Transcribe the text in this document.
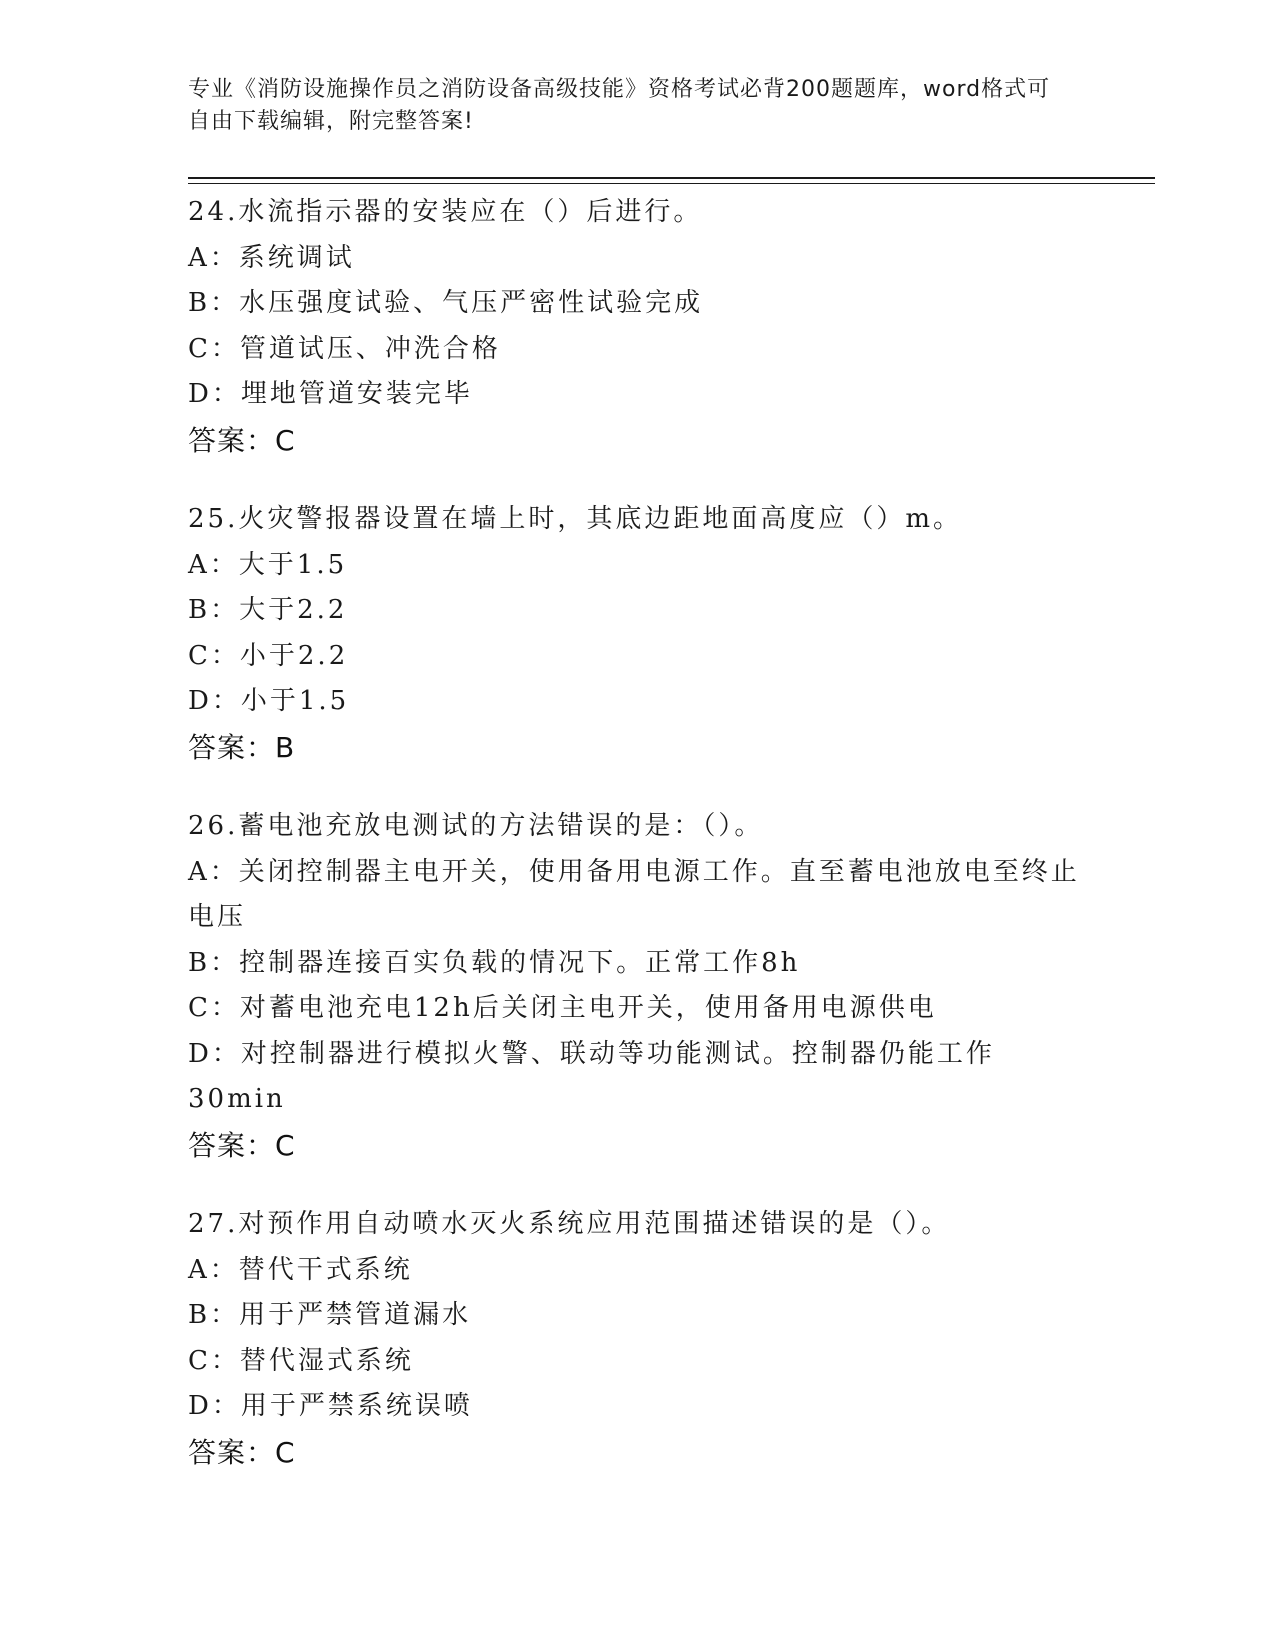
专业《消防设施操作员之消防设备高级技能》资格考试必背200题题库，word格式可自由下载编辑，附完整答案!
24.水流指示器的安装应在（）后进行。
A：系统调试
B：水压强度试验、气压严密性试验完成
C：管道试压、冲洗合格
D：埋地管道安装完毕
答案：C
25.火灾警报器设置在墙上时，其底边距地面高度应（）m。
A：大于1.5
B：大于2.2
C：小于2.2
D：小于1.5
答案：B
26.蓄电池充放电测试的方法错误的是：（）。
A：关闭控制器主电开关，使用备用电源工作。直至蓄电池放电至终止电压
B：控制器连接百实负载的情况下。正常工作8h
C：对蓄电池充电12h后关闭主电开关，使用备用电源供电
D：对控制器进行模拟火警、联动等功能测试。控制器仍能工作30min
答案：C
27.对预作用自动喷水灭火系统应用范围描述错误的是（）。
A：替代干式系统
B：用于严禁管道漏水
C：替代湿式系统
D：用于严禁系统误喷
答案：C
